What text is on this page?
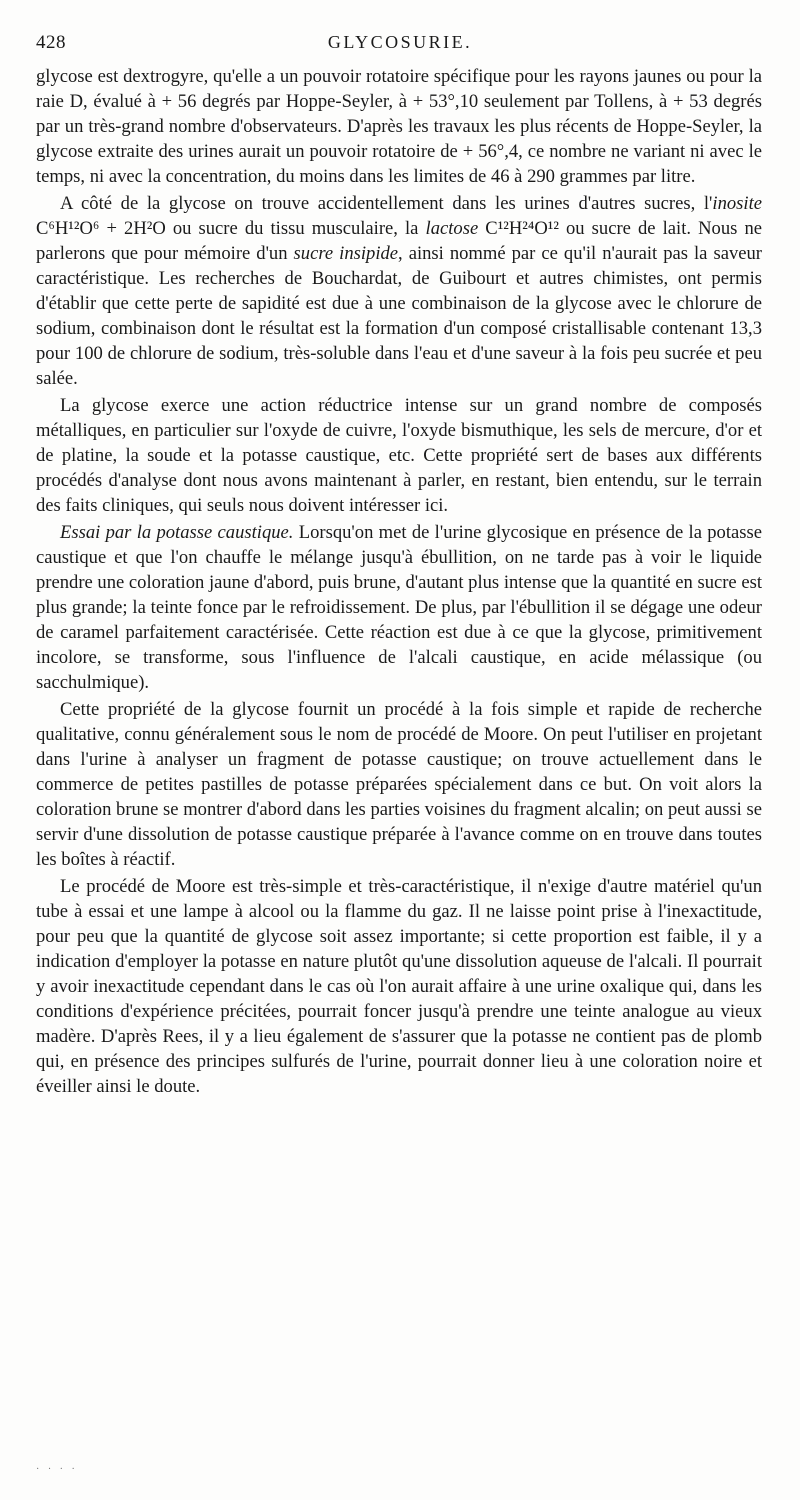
428	GLYCOSURIE.

glycose est dextrogyre, qu'elle a un pouvoir rotatoire spécifique pour les rayons jaunes ou pour la raie D, évalué à + 56 degrés par Hoppe-Seyler, à + 53°,10 seulement par Tollens, à + 53 degrés par un très-grand nombre d'observateurs. D'après les travaux les plus récents de Hoppe-Seyler, la glycose extraite des urines aurait un pouvoir rotatoire de + 56°,4, ce nombre ne variant ni avec le temps, ni avec la concentration, du moins dans les limites de 46 à 290 grammes par litre.

A côté de la glycose on trouve accidentellement dans les urines d'autres sucres, l'inosite C⁶H¹²O⁶ + 2H²O ou sucre du tissu musculaire, la lactose C¹²H²⁴O¹² ou sucre de lait. Nous ne parlerons que pour mémoire d'un sucre insipide, ainsi nommé par ce qu'il n'aurait pas la saveur caractéristique. Les recherches de Bouchardat, de Guibourt et autres chimistes, ont permis d'établir que cette perte de sapidité est due à une combinaison de la glycose avec le chlorure de sodium, combinaison dont le résultat est la formation d'un composé cristallisable contenant 13,3 pour 100 de chlorure de sodium, très-soluble dans l'eau et d'une saveur à la fois peu sucrée et peu salée.

La glycose exerce une action réductrice intense sur un grand nombre de composés métalliques, en particulier sur l'oxyde de cuivre, l'oxyde bismuthique, les sels de mercure, d'or et de platine, la soude et la potasse caustique, etc. Cette propriété sert de bases aux différents procédés d'analyse dont nous avons maintenant à parler, en restant, bien entendu, sur le terrain des faits cliniques, qui seuls nous doivent intéresser ici.

Essai par la potasse caustique. Lorsqu'on met de l'urine glycosique en présence de la potasse caustique et que l'on chauffe le mélange jusqu'à ébullition, on ne tarde pas à voir le liquide prendre une coloration jaune d'abord, puis brune, d'autant plus intense que la quantité en sucre est plus grande; la teinte fonce par le refroidissement. De plus, par l'ébullition il se dégage une odeur de caramel parfaitement caractérisée. Cette réaction est due à ce que la glycose, primitivement incolore, se transforme, sous l'influence de l'alcali caustique, en acide mélassique (ou sacchulmique).

Cette propriété de la glycose fournit un procédé à la fois simple et rapide de recherche qualitative, connu généralement sous le nom de procédé de Moore. On peut l'utiliser en projetant dans l'urine à analyser un fragment de potasse caustique; on trouve actuellement dans le commerce de petites pastilles de potasse préparées spécialement dans ce but. On voit alors la coloration brune se montrer d'abord dans les parties voisines du fragment alcalin; on peut aussi se servir d'une dissolution de potasse caustique préparée à l'avance comme on en trouve dans toutes les boîtes à réactif.

Le procédé de Moore est très-simple et très-caractéristique, il n'exige d'autre matériel qu'un tube à essai et une lampe à alcool ou la flamme du gaz. Il ne laisse point prise à l'inexactitude, pour peu que la quantité de glycose soit assez importante; si cette proportion est faible, il y a indication d'employer la potasse en nature plutôt qu'une dissolution aqueuse de l'alcali. Il pourrait y avoir inexactitude cependant dans le cas où l'on aurait affaire à une urine oxalique qui, dans les conditions d'expérience précitées, pourrait foncer jusqu'à prendre une teinte analogue au vieux madère. D'après Rees, il y a lieu également de s'assurer que la potasse ne contient pas de plomb qui, en présence des principes sulfurés de l'urine, pourrait donner lieu à une coloration noire et éveiller ainsi le doute.

· · · ·
